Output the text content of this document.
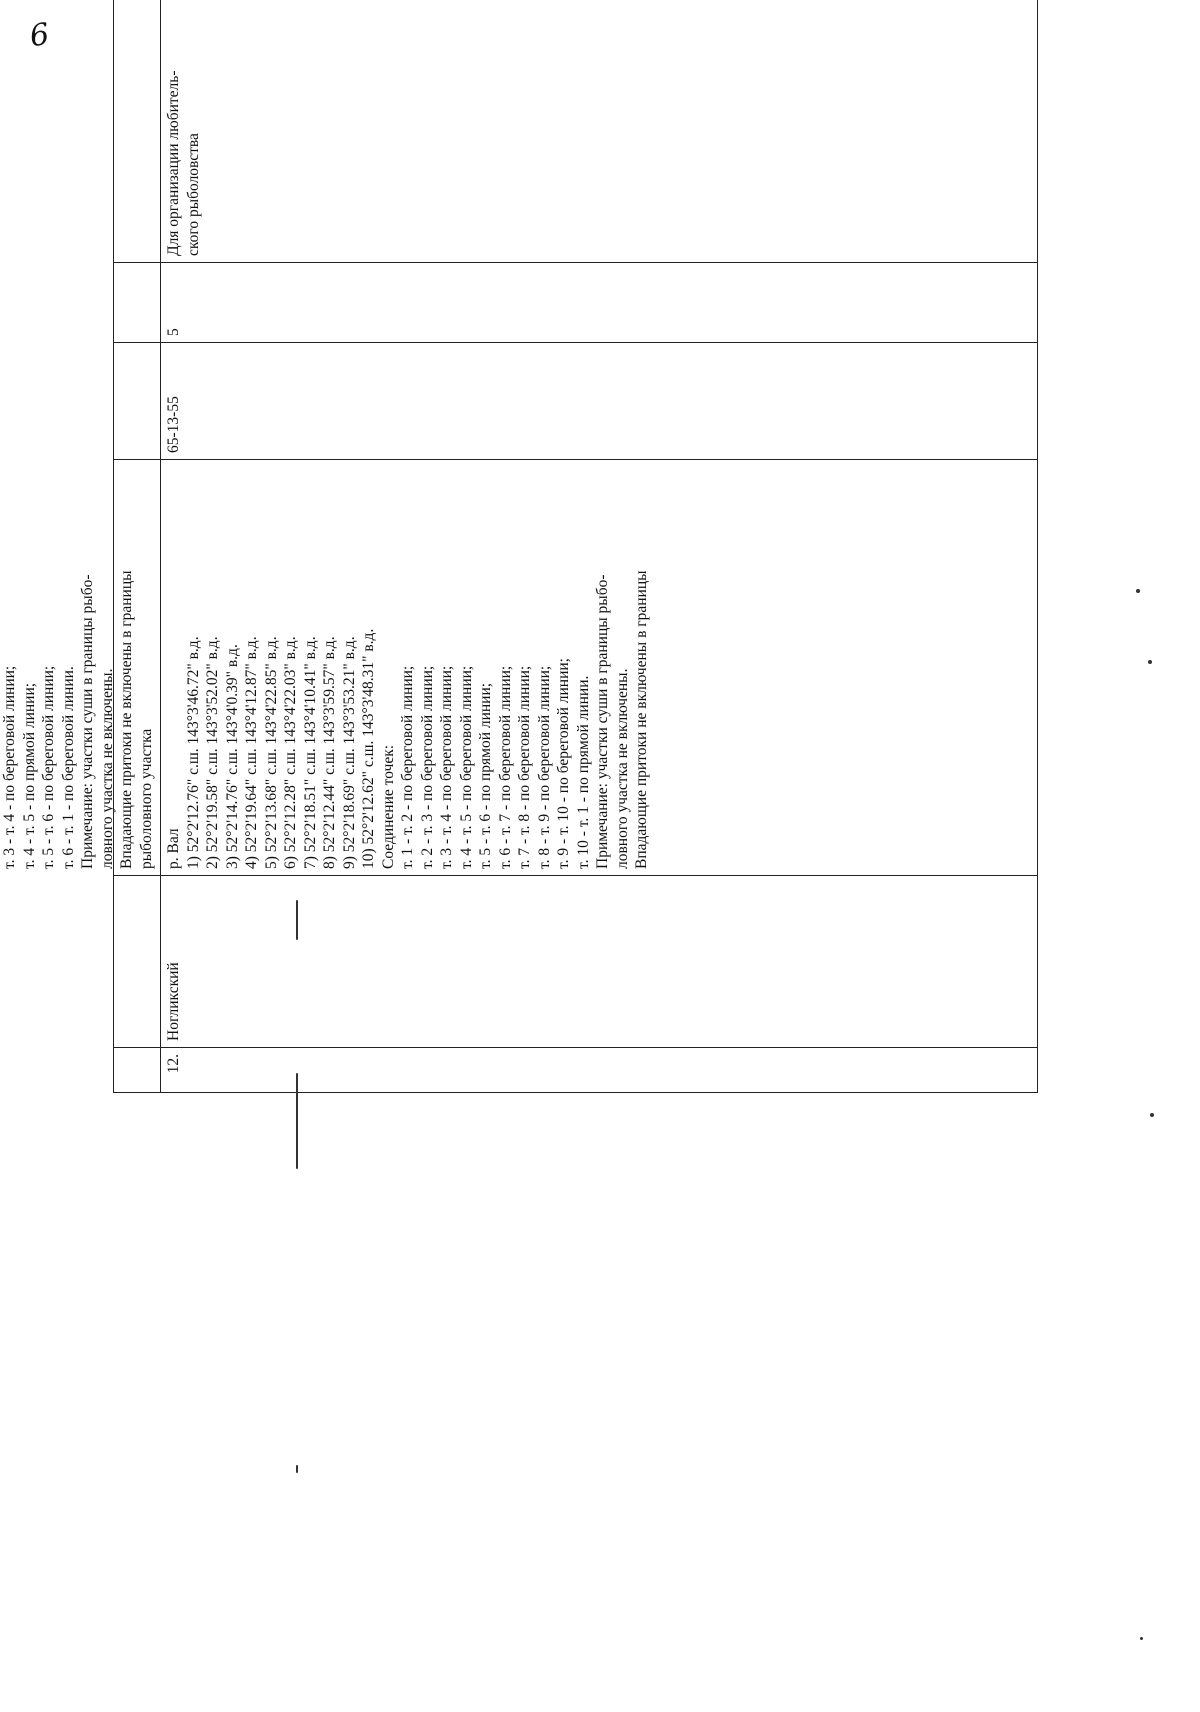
6
т. 3 - т. 4 - по береговой линии; т. 4 - т. 5 - по прямой линии; т. 5 - т. 6 - по береговой линии; т. 6 - т. 1 - по береговой линии. Примечание: участки суши в границы рыбо- ловного участка не включены. Впадающие притоки не включены в границы рыболовного участка
12.
Ногликский
р. Вал 1) 52°2'12.76" с.ш. 143°3'46.72" в.д. 2) 52°2'19.58" с.ш. 143°3'52.02" в.д. 3) 52°2'14.76" с.ш. 143°4'0.39" в.д. 4) 52°2'19.64" с.ш. 143°4'12.87" в.д. 5) 52°2'13.68" с.ш. 143°4'22.85" в.д. 6) 52°2'12.28" с.ш. 143°4'22.03" в.д. 7) 52°2'18.51" с.ш. 143°4'10.41" в.д. 8) 52°2'12.44" с.ш. 143°3'59.57" в.д. 9) 52°2'18.69" с.ш. 143°3'53.21" в.д. 10) 52°2'12.62" с.ш. 143°3'48.31" в.д. Соединение точек: т. 1 - т. 2 - по береговой линии; т. 2 - т. 3 - по береговой линии; т. 3 - т. 4 - по береговой линии; т. 4 - т. 5 - по береговой линии; т. 5 - т. 6 - по прямой линии; т. 6 - т. 7 - по береговой линии; т. 7 - т. 8 - по береговой линии; т. 8 - т. 9 - по береговой линии; т. 9 - т. 10 - по береговой линии; т. 10 - т. 1 - по прямой линии. Примечание: участки суши в границы рыбо- ловного участка не включены. Впадающие притоки не включены в границы
65-13-55
5
Для организации любитель- ского рыболовства
